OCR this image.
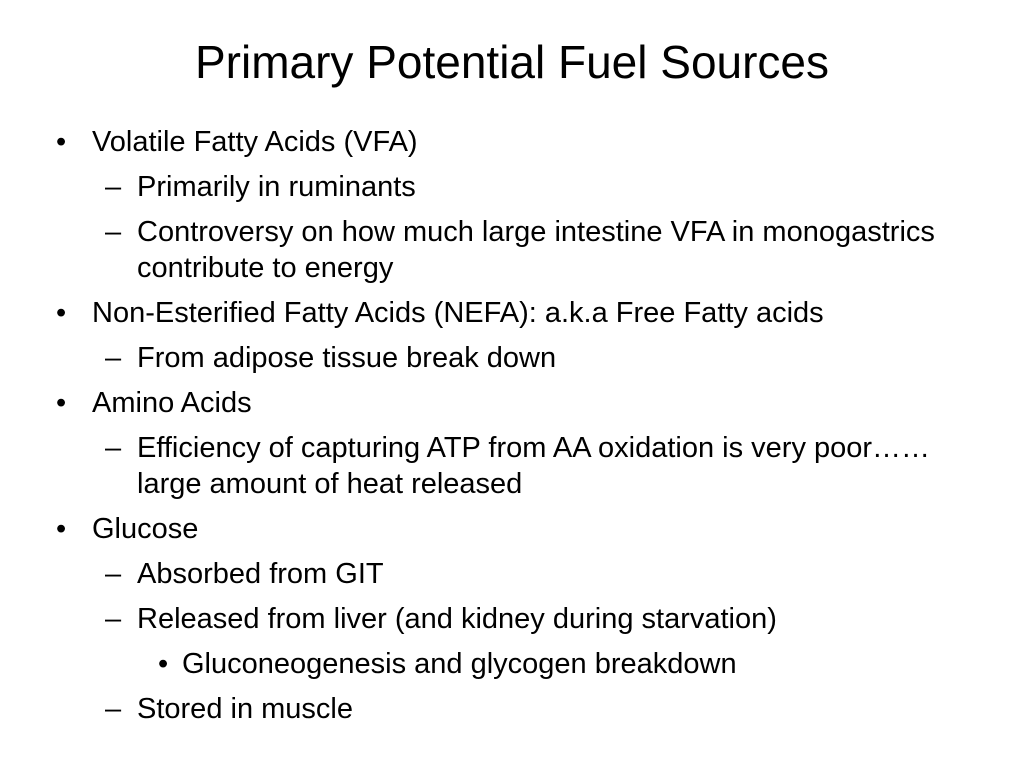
Primary Potential Fuel Sources
• Volatile Fatty Acids (VFA)
– Primarily in ruminants
– Controversy on how much large intestine VFA in monogastrics contribute to energy
• Non-Esterified Fatty Acids (NEFA): a.k.a Free Fatty acids
– From adipose tissue break down
• Amino Acids
– Efficiency of capturing ATP from AA oxidation is very poor……large amount of heat released
• Glucose
– Absorbed from GIT
– Released from liver (and kidney during starvation)
• Gluconeogenesis and glycogen breakdown
– Stored in muscle
